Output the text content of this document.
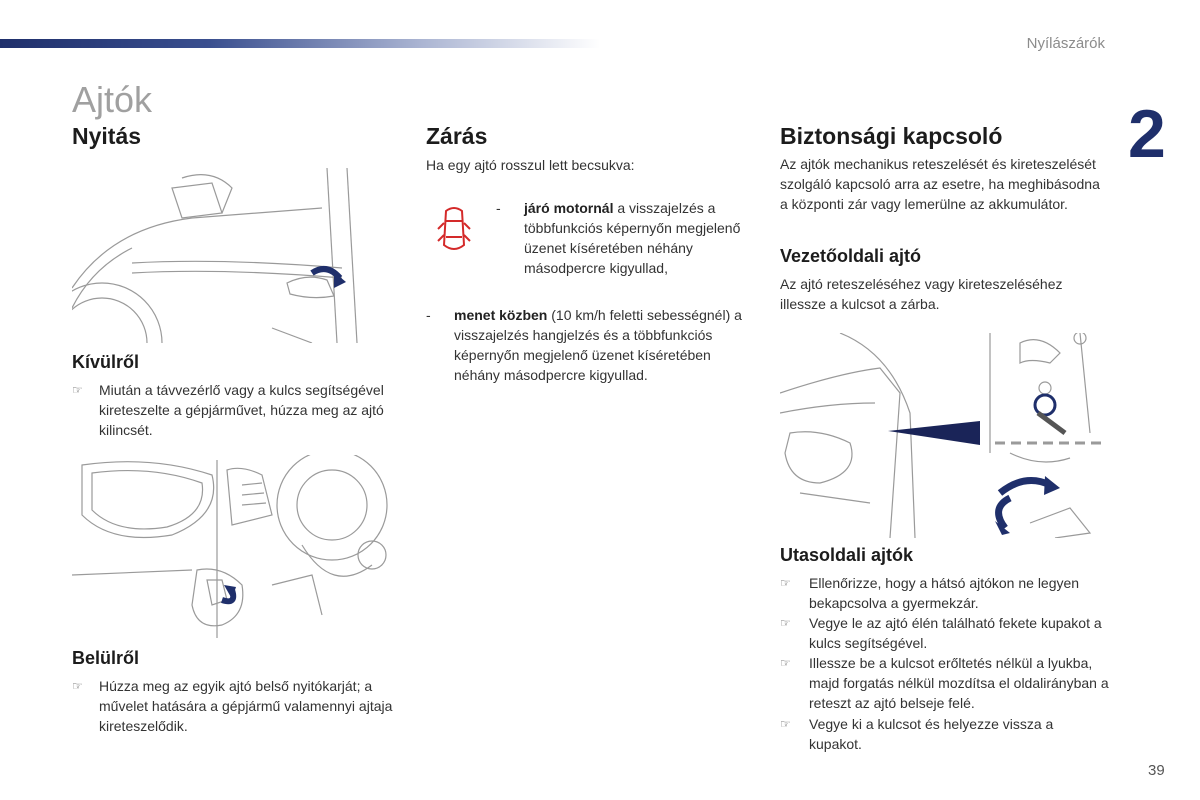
Nyílászárók
2
Ajtók
39
Nyitás
Kívülről
☞ Miután a távvezérlő vagy a kulcs segítségével kireteszelte a gépjárművet, húzza meg az ajtó kilincsét.
Belülről
☞ Húzza meg az egyik ajtó belső nyitókarját; a művelet hatására a gépjármű valamennyi ajtaja kireteszelődik.
Zárás
Ha egy ajtó rosszul lett becsukva:
- járó motornál a visszajelzés a többfunkciós képernyőn megjelenő üzenet kíséretében néhány másodpercre kigyullad,
- menet közben (10 km/h feletti sebességnél) a visszajelzés hangjelzés és a többfunkciós képernyőn megjelenő üzenet kíséretében néhány másodpercre kigyullad.
Biztonsági kapcsoló
Az ajtók mechanikus reteszelését és kireteszelését szolgáló kapcsoló arra az esetre, ha meghibásodna a központi zár vagy lemerülne az akkumulátor.
Vezetőoldali ajtó
Az ajtó reteszeléséhez vagy kireteszeléséhez illessze a kulcsot a zárba.
Utasoldali ajtók
☞ Ellenőrizze, hogy a hátsó ajtókon ne legyen bekapcsolva a gyermekzár.
☞ Vegye le az ajtó élén található fekete kupakot a kulcs segítségével.
☞ Illessze be a kulcsot erőltetés nélkül a lyukba, majd forgatás nélkül mozdítsa el oldalirányban a reteszt az ajtó belseje felé.
☞ Vegye ki a kulcsot és helyezze vissza a kupakot.
